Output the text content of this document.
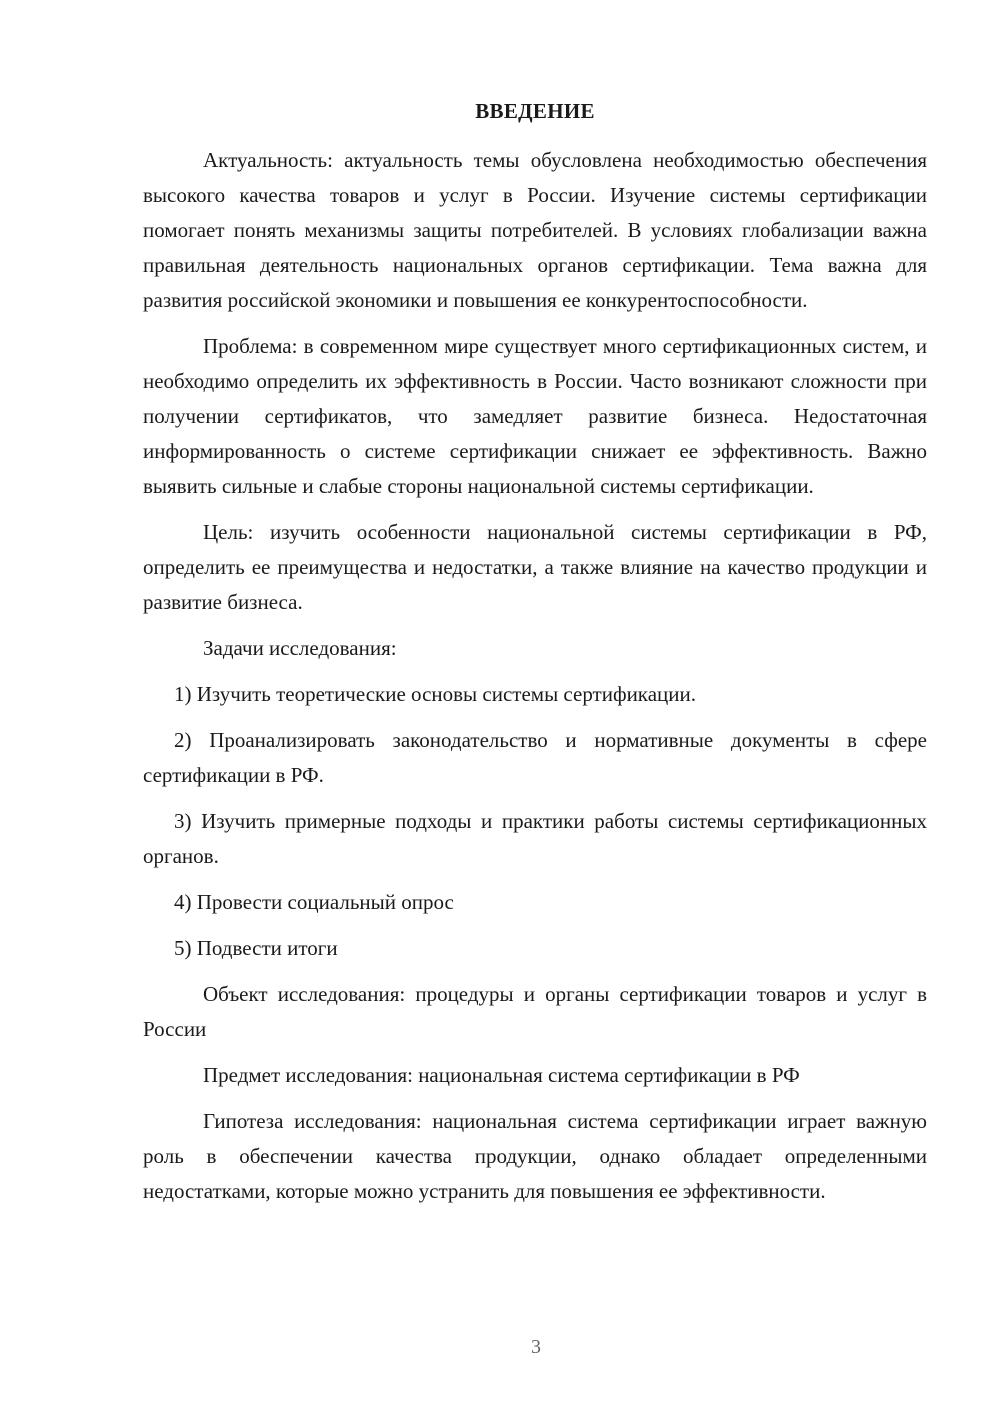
ВВЕДЕНИЕ

Актуальность: актуальность темы обусловлена необходимостью обеспечения высокого качества товаров и услуг в России. Изучение системы сертификации помогает понять механизмы защиты потребителей. В условиях глобализации важна правильная деятельность национальных органов сертификации. Тема важна для развития российской экономики и повышения ее конкурентоспособности.

Проблема: в современном мире существует много сертификационных систем, и необходимо определить их эффективность в России. Часто возникают сложности при получении сертификатов, что замедляет развитие бизнеса. Недостаточная информированность о системе сертификации снижает ее эффективность. Важно выявить сильные и слабые стороны национальной системы сертификации.

Цель: изучить особенности национальной системы сертификации в РФ, определить ее преимущества и недостатки, а также влияние на качество продукции и развитие бизнеса.

Задачи исследования:

1) Изучить теоретические основы системы сертификации.

2) Проанализировать законодательство и нормативные документы в сфере сертификации в РФ.

3) Изучить примерные подходы и практики работы системы сертификационных органов.

4) Провести социальный опрос

5) Подвести итоги

Объект исследования: процедуры и органы сертификации товаров и услуг в России

Предмет исследования: национальная система сертификации в РФ

Гипотеза исследования: национальная система сертификации играет важную роль в обеспечении качества продукции, однако обладает определенными недостатками, которые можно устранить для повышения ее эффективности.

3
